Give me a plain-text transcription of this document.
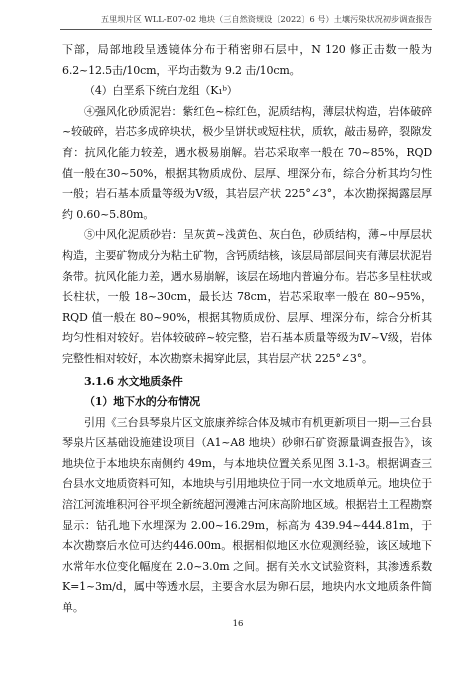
五里坝片区 WLL-E07-02 地块（三自然资规设〔2022〕6 号）土壤污染状况初步调查报告

下部，局部地段呈透镜体分布于稍密卵石层中，N 120 修正击数一般为 6.2~12.5击/10cm，平均击数为 9.2 击/10cm。

（4）白垩系下统白龙组（K₁ᵇ）

④强风化砂质泥岩：紫红色~棕红色，泥质结构，薄层状构造，岩体破碎~较破碎，岩芯多成碎块状，极少呈饼状或短柱状，质软，敲击易碎，裂隙发育：抗风化能力较差，遇水极易崩解。岩芯采取率一般在 70~85%，RQD 值一般在30~50%，根据其物质成份、层厚、埋深分布，综合分析其均匀性一般；岩石基本质量等级为Ⅴ级，其岩层产状 225°∠3°，本次勘探揭露层厚约 0.60~5.80m。

⑤中风化泥质砂岩：呈灰黄~浅黄色、灰白色，砂质结构，薄~中厚层状构造，主要矿物成分为粘土矿物，含钙质结核，该层局部层间夹有薄层状泥岩条带。抗风化能力差，遇水易崩解，该层在场地内普遍分布。岩芯多呈柱状或长柱状，一般 18~30cm，最长达 78cm，岩芯采取率一般在 80~95%，RQD 值一般在 80~90%，根据其物质成份、层厚、埋深分布，综合分析其均匀性相对较好。岩体较破碎~较完整，岩石基本质量等级为Ⅳ~Ⅴ级，岩体完整性相对较好，本次勘察未揭穿此层，其岩层产状 225°∠3°。

3.1.6 水文地质条件

（1）地下水的分布情况

引用《三台县琴泉片区文旅康养综合体及城市有机更新项目一期—三台县琴泉片区基础设施建设项目（A1~A8 地块）砂卵石矿资源量调查报告》，该地块位于本地块东南侧约 49m，与本地块位置关系见图 3.1-3。根据调查三台县水文地质资料可知，本地块与引用地块位于同一水文地质单元。地块位于涪江河流堆积河谷平坝全新统超河漫滩古河床高阶地区域。根据岩土工程勘察显示：钻孔地下水埋深为 2.00~16.29m，标高为 439.94~444.81m，于本次勘察后水位可达约446.00m。根据相似地区水位观测经验，该区域地下水常年水位变化幅度在 2.0~3.0m 之间。据有关水文试验资料，其渗透系数 K=1~3m/d，属中等透水层，主要含水层为卵石层，地块内水文地质条件简单。

16
